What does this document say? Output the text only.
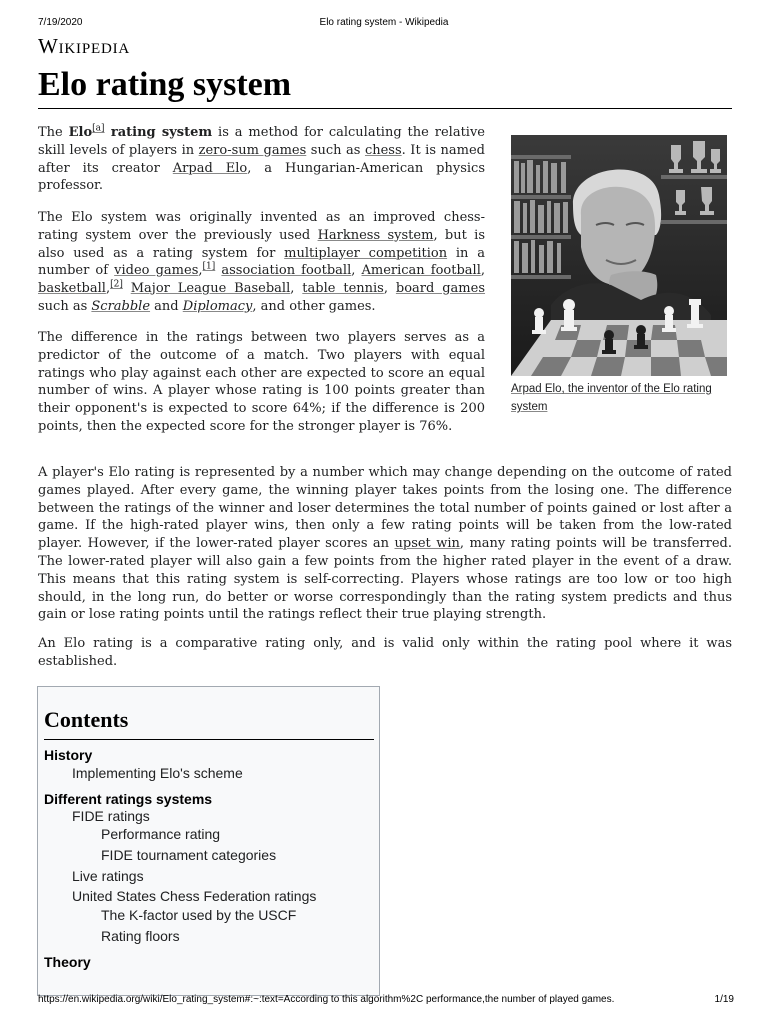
7/19/2020	Elo rating system - Wikipedia
Wikipedia
Elo rating system

The Elo[a] rating system is a method for calculating the relative skill levels of players in zero-sum games such as chess. It is named after its creator Arpad Elo, a Hungarian-American physics professor.

The Elo system was originally invented as an improved chess-rating system over the previously used Harkness system, but is also used as a rating system for multiplayer competition in a number of video games,[1] association football, American football, basketball,[2] Major League Baseball, table tennis, board games such as Scrabble and Diplomacy, and other games.

The difference in the ratings between two players serves as a predictor of the outcome of a match. Two players with equal ratings who play against each other are expected to score an equal number of wins. A player whose rating is 100 points greater than their opponent's is expected to score 64%; if the difference is 200 points, then the expected score for the stronger player is 76%.

Arpad Elo, the inventor of the Elo rating system

A player's Elo rating is represented by a number which may change depending on the outcome of rated games played. After every game, the winning player takes points from the losing one. The difference between the ratings of the winner and loser determines the total number of points gained or lost after a game. If the high-rated player wins, then only a few rating points will be taken from the low-rated player. However, if the lower-rated player scores an upset win, many rating points will be transferred. The lower-rated player will also gain a few points from the higher rated player in the event of a draw. This means that this rating system is self-correcting. Players whose ratings are too low or too high should, in the long run, do better or worse correspondingly than the rating system predicts and thus gain or lose rating points until the ratings reflect their true playing strength.

An Elo rating is a comparative rating only, and is valid only within the rating pool where it was established.

Contents
History
Implementing Elo's scheme
Different ratings systems
FIDE ratings
Performance rating
FIDE tournament categories
Live ratings
United States Chess Federation ratings
The K-factor used by the USCF
Rating floors
Theory
https://en.wikipedia.org/wiki/Elo_rating_system#:~:text=According to this algorithm%2C performance,the number of played games.	1/19
